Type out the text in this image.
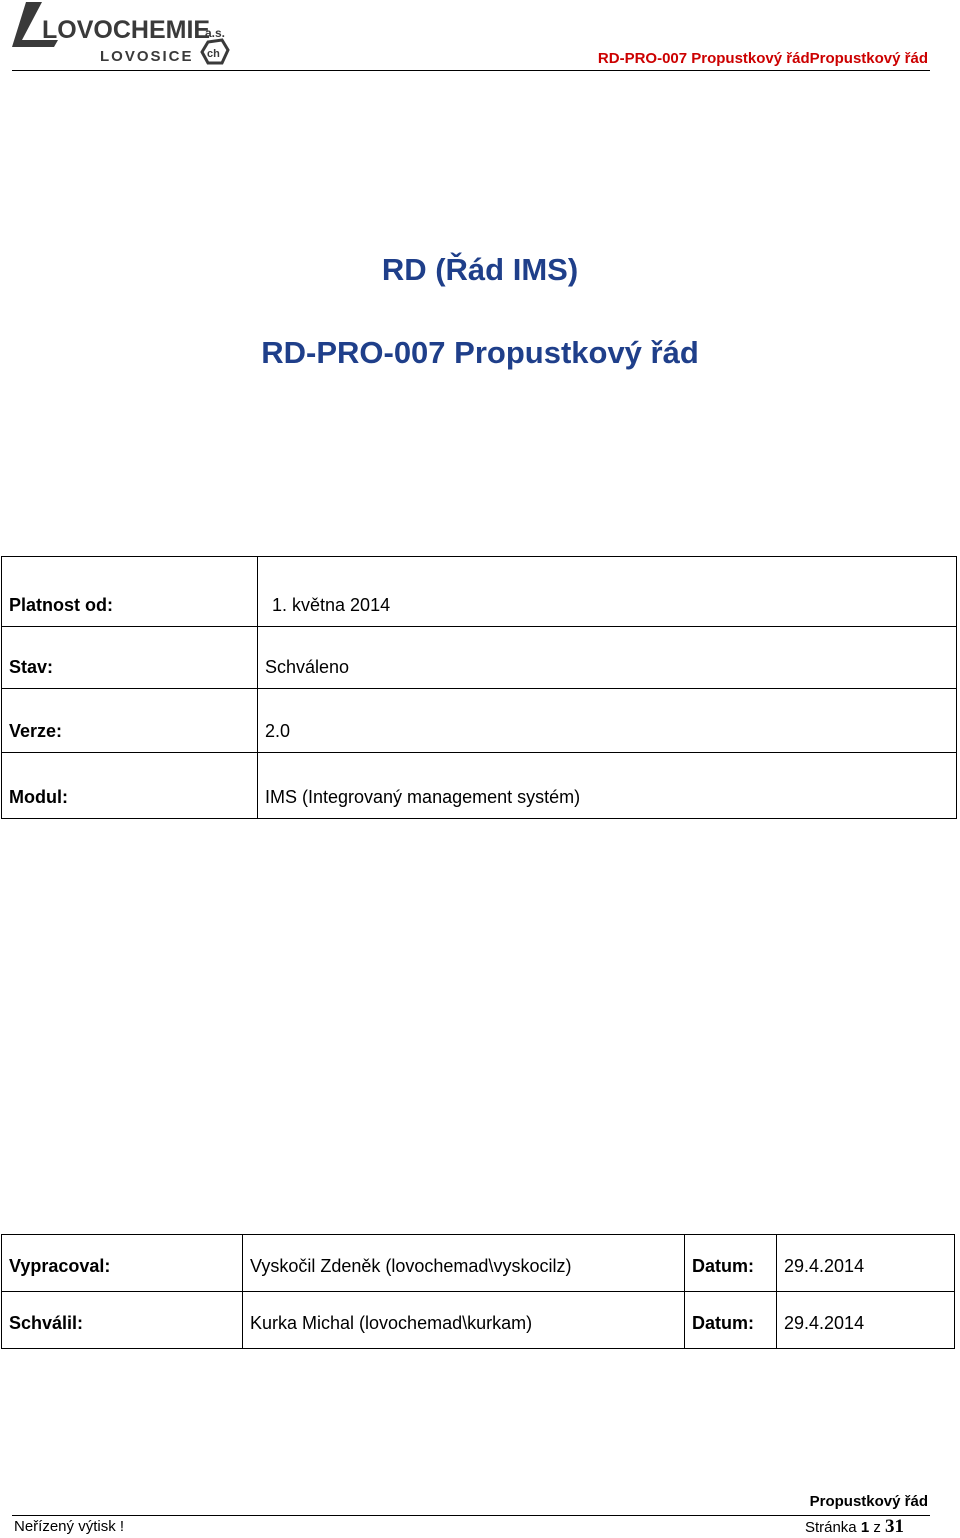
LOVOCHEMIE
a.s.
LOVOSICE ch	RD-PRO-007 Propustkový řádPropustkový řád
RD (Řád IMS)
RD-PRO-007 Propustkový řád
Platnost od:	1. května 2014
Stav:	Schváleno
Verze:	2.0
Modul:	IMS (Integrovaný management systém)
Vypracoval:	Vyskočil Zdeněk (lovochemad\vyskocilz)	Datum:	29.4.2014
Schválil:	Kurka Michal (lovochemad\kurkam)	Datum:	29.4.2014
Propustkový řád
Neřízený výtisk !	Stránka 1 z 31
